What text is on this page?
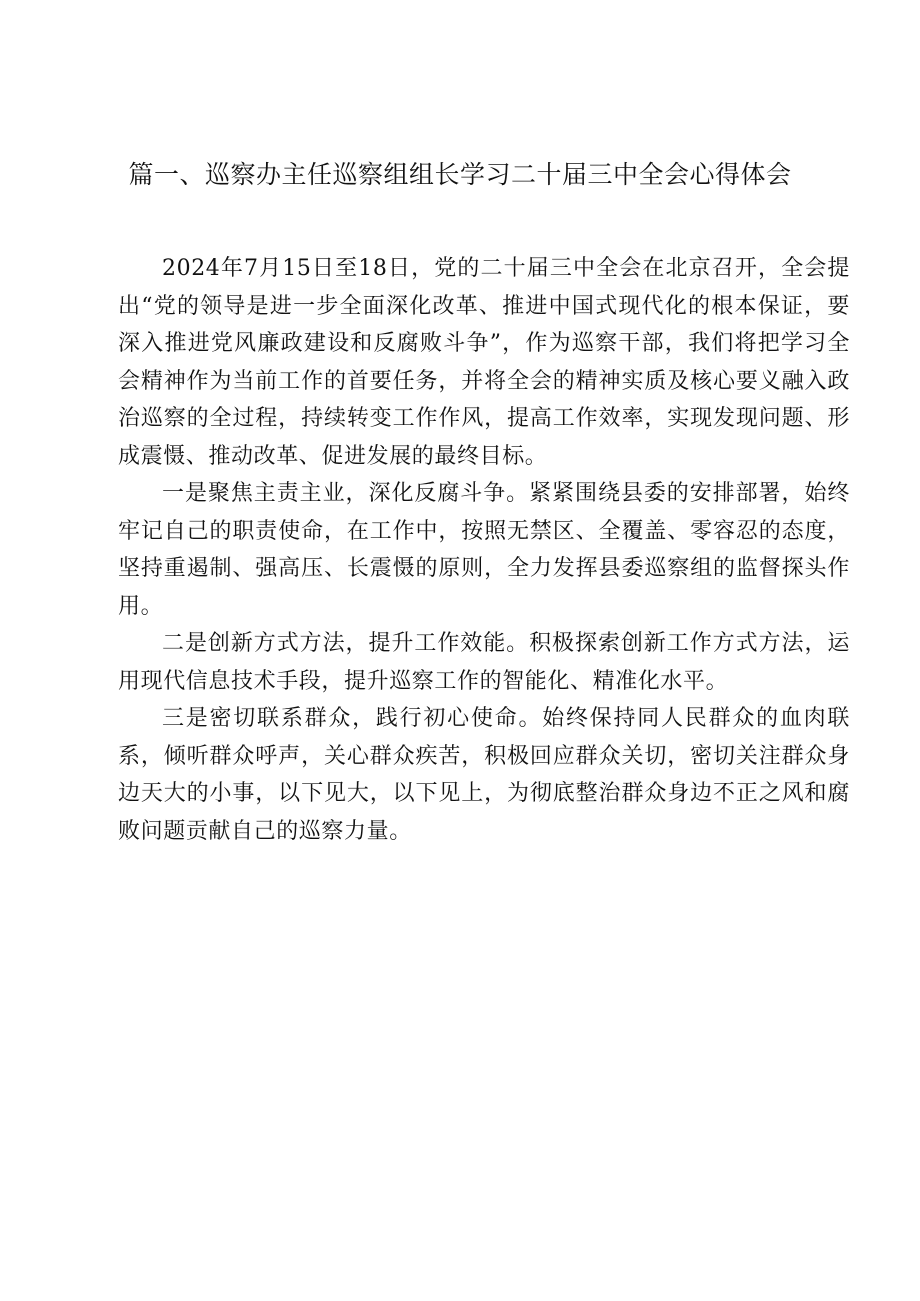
篇一、巡察办主任巡察组组长学习二十届三中全会心得体会

2024年7月15日至18日，党的二十届三中全会在北京召开，全会提出“党的领导是进一步全面深化改革、推进中国式现代化的根本保证，要深入推进党风廉政建设和反腐败斗争”，作为巡察干部，我们将把学习全会精神作为当前工作的首要任务，并将全会的精神实质及核心要义融入政治巡察的全过程，持续转变工作作风，提高工作效率，实现发现问题、形成震慑、推动改革、促进发展的最终目标。

一是聚焦主责主业，深化反腐斗争。紧紧围绕县委的安排部署，始终牢记自己的职责使命，在工作中，按照无禁区、全覆盖、零容忍的态度，坚持重遏制、强高压、长震慑的原则，全力发挥县委巡察组的监督探头作用。

二是创新方式方法，提升工作效能。积极探索创新工作方式方法，运用现代信息技术手段，提升巡察工作的智能化、精准化水平。

三是密切联系群众，践行初心使命。始终保持同人民群众的血肉联系，倾听群众呼声，关心群众疾苦，积极回应群众关切，密切关注群众身边天大的小事，以下见大，以下见上，为彻底整治群众身边不正之风和腐败问题贡献自己的巡察力量。
